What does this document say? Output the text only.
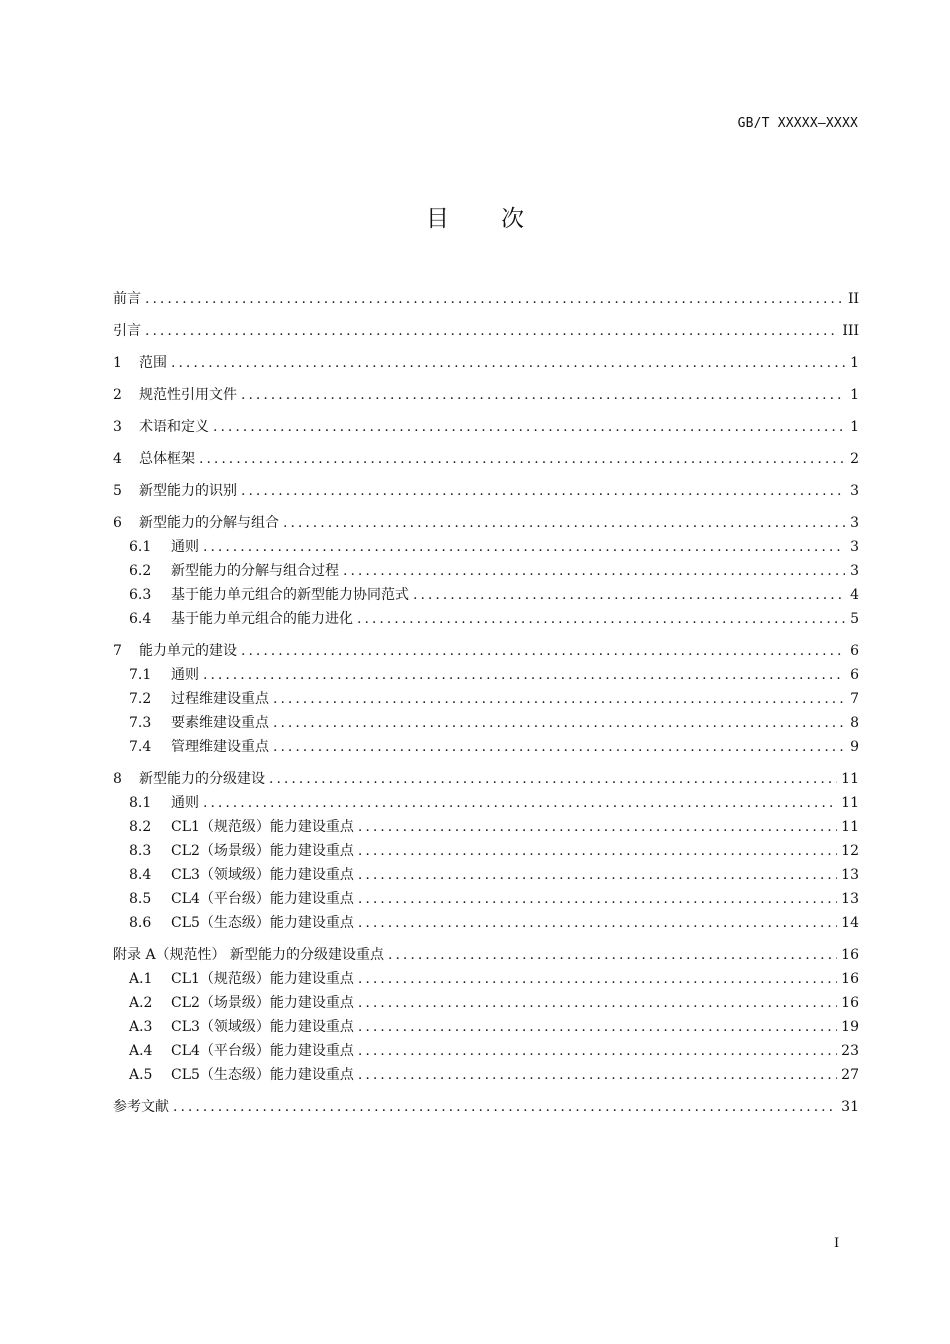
GB/T XXXXX—XXXX
目次
前言 .....	II
引言 .....	III
1	范围 .....	1
2	规范性引用文件 .....	1
3	术语和定义 .....	1
4	总体框架 .....	2
5	新型能力的识别 .....	3
6	新型能力的分解与组合 .....	3
6.1	通则 .....	3
6.2	新型能力的分解与组合过程 .....	3
6.3	基于能力单元组合的新型能力协同范式 .....	4
6.4	基于能力单元组合的能力进化 .....	5
7	能力单元的建设 .....	6
7.1	通则 .....	6
7.2	过程维建设重点 .....	7
7.3	要素维建设重点 .....	8
7.4	管理维建设重点 .....	9
8	新型能力的分级建设 .....	11
8.1	通则 .....	11
8.2	CL1（规范级）能力建设重点 .....	11
8.3	CL2（场景级）能力建设重点 .....	12
8.4	CL3（领域级）能力建设重点 .....	13
8.5	CL4（平台级）能力建设重点 .....	13
8.6	CL5（生态级）能力建设重点 .....	14
附录 A（规范性） 新型能力的分级建设重点 .....	16
A.1	CL1（规范级）能力建设重点 .....	16
A.2	CL2（场景级）能力建设重点 .....	16
A.3	CL3（领域级）能力建设重点 .....	19
A.4	CL4（平台级）能力建设重点 .....	23
A.5	CL5（生态级）能力建设重点 .....	27
参考文献 .....	31
I
